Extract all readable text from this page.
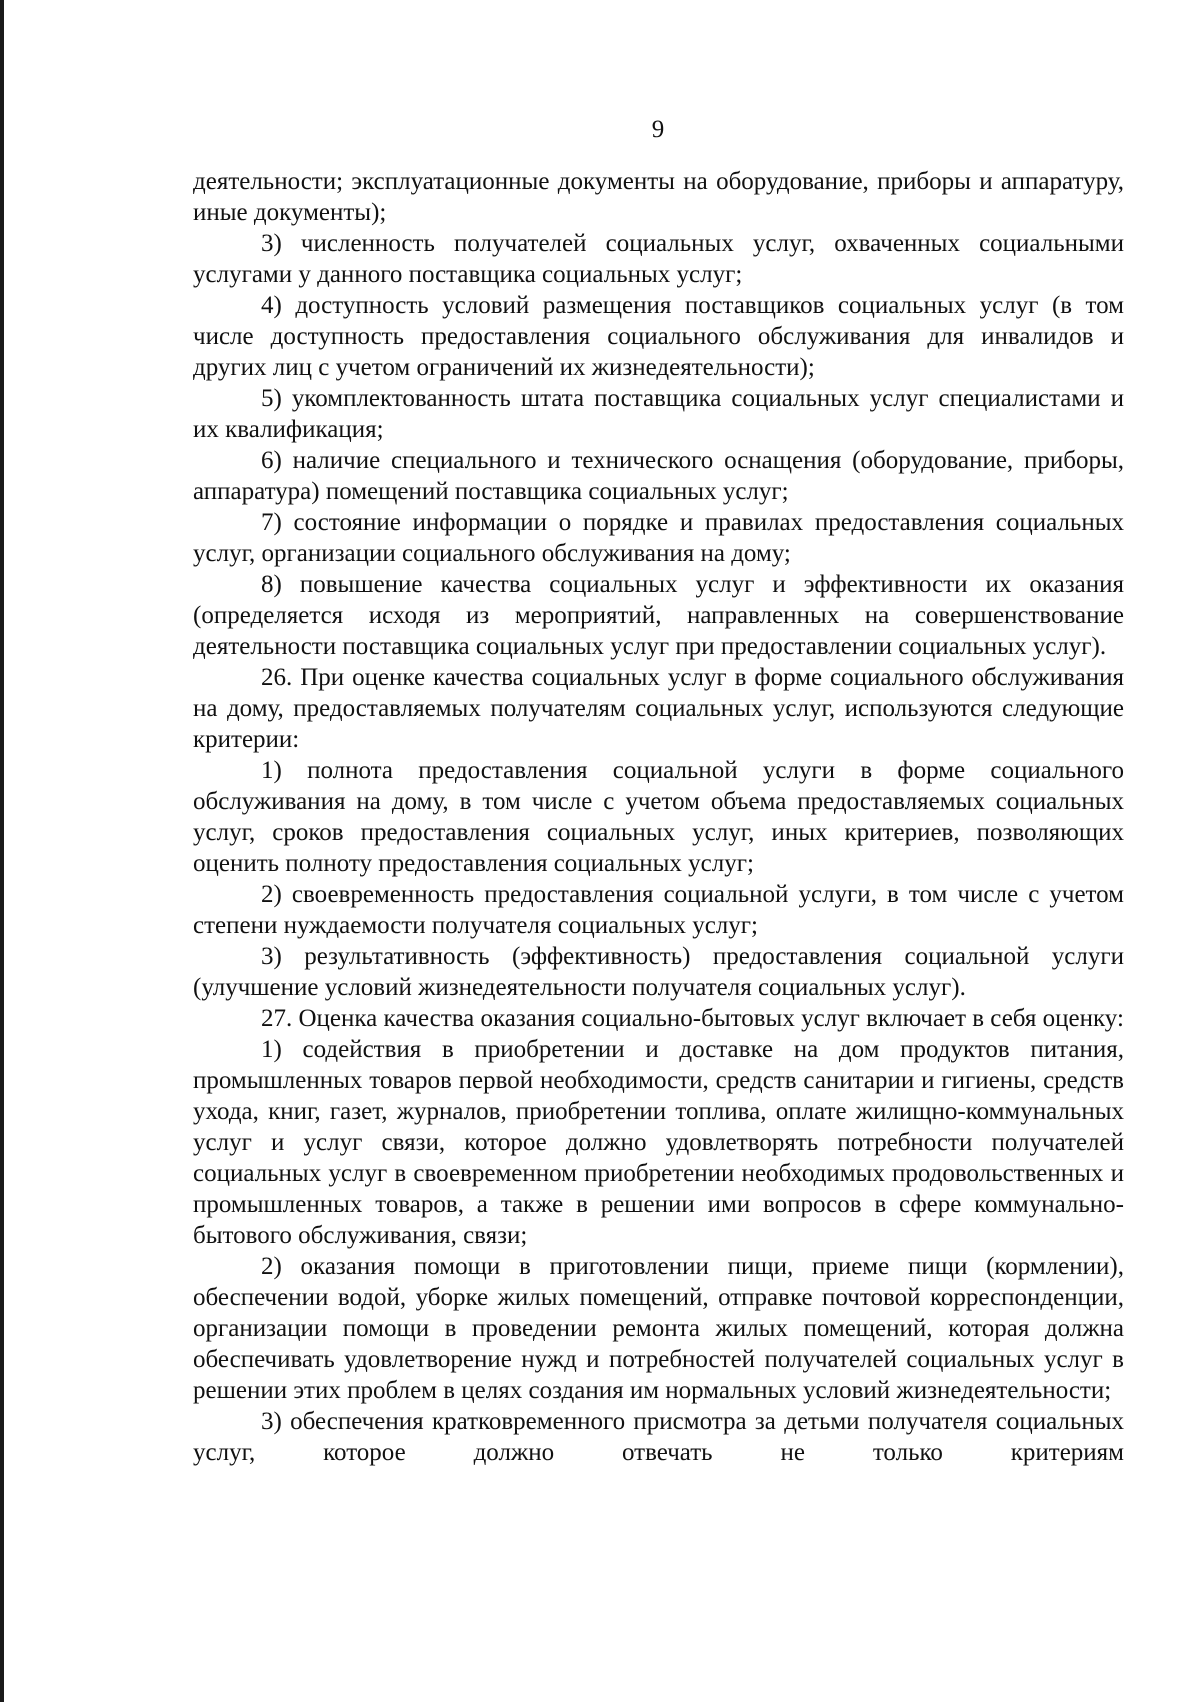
9

деятельности; эксплуатационные документы на оборудование, приборы и аппаратуру, иные документы);

3) численность получателей социальных услуг, охваченных социальными услугами у данного поставщика социальных услуг;

4) доступность условий размещения поставщиков социальных услуг (в том числе доступность предоставления социального обслуживания для инвалидов и других лиц с учетом ограничений их жизнедеятельности);

5) укомплектованность штата поставщика социальных услуг специалистами и их квалификация;

6) наличие специального и технического оснащения (оборудование, приборы, аппаратура) помещений поставщика социальных услуг;

7) состояние информации о порядке и правилах предоставления социальных услуг, организации социального обслуживания на дому;

8) повышение качества социальных услуг и эффективности их оказания (определяется исходя из мероприятий, направленных на совершенствование деятельности поставщика социальных услуг при предоставлении социальных услуг).

26. При оценке качества социальных услуг в форме социального обслуживания на дому, предоставляемых получателям социальных услуг, используются следующие критерии:

1) полнота предоставления социальной услуги в форме социального обслуживания на дому, в том числе с учетом объема предоставляемых социальных услуг, сроков предоставления социальных услуг, иных критериев, позволяющих оценить полноту предоставления социальных услуг;

2) своевременность предоставления социальной услуги, в том числе с учетом степени нуждаемости получателя социальных услуг;

3) результативность (эффективность) предоставления социальной услуги (улучшение условий жизнедеятельности получателя социальных услуг).

27. Оценка качества оказания социально-бытовых услуг включает в себя оценку:

1) содействия в приобретении и доставке на дом продуктов питания, промышленных товаров первой необходимости, средств санитарии и гигиены, средств ухода, книг, газет, журналов, приобретении топлива, оплате жилищно-коммунальных услуг и услуг связи, которое должно удовлетворять потребности получателей социальных услуг в своевременном приобретении необходимых продовольственных и промышленных товаров, а также в решении ими вопросов в сфере коммунально-бытового обслуживания, связи;

2) оказания помощи в приготовлении пищи, приеме пищи (кормлении), обеспечении водой, уборке жилых помещений, отправке почтовой корреспонденции, организации помощи в проведении ремонта жилых помещений, которая должна обеспечивать удовлетворение нужд и потребностей получателей социальных услуг в решении этих проблем в целях создания им нормальных условий жизнедеятельности;

3) обеспечения кратковременного присмотра за детьми получателя социальных услуг, которое должно отвечать не только критериям
